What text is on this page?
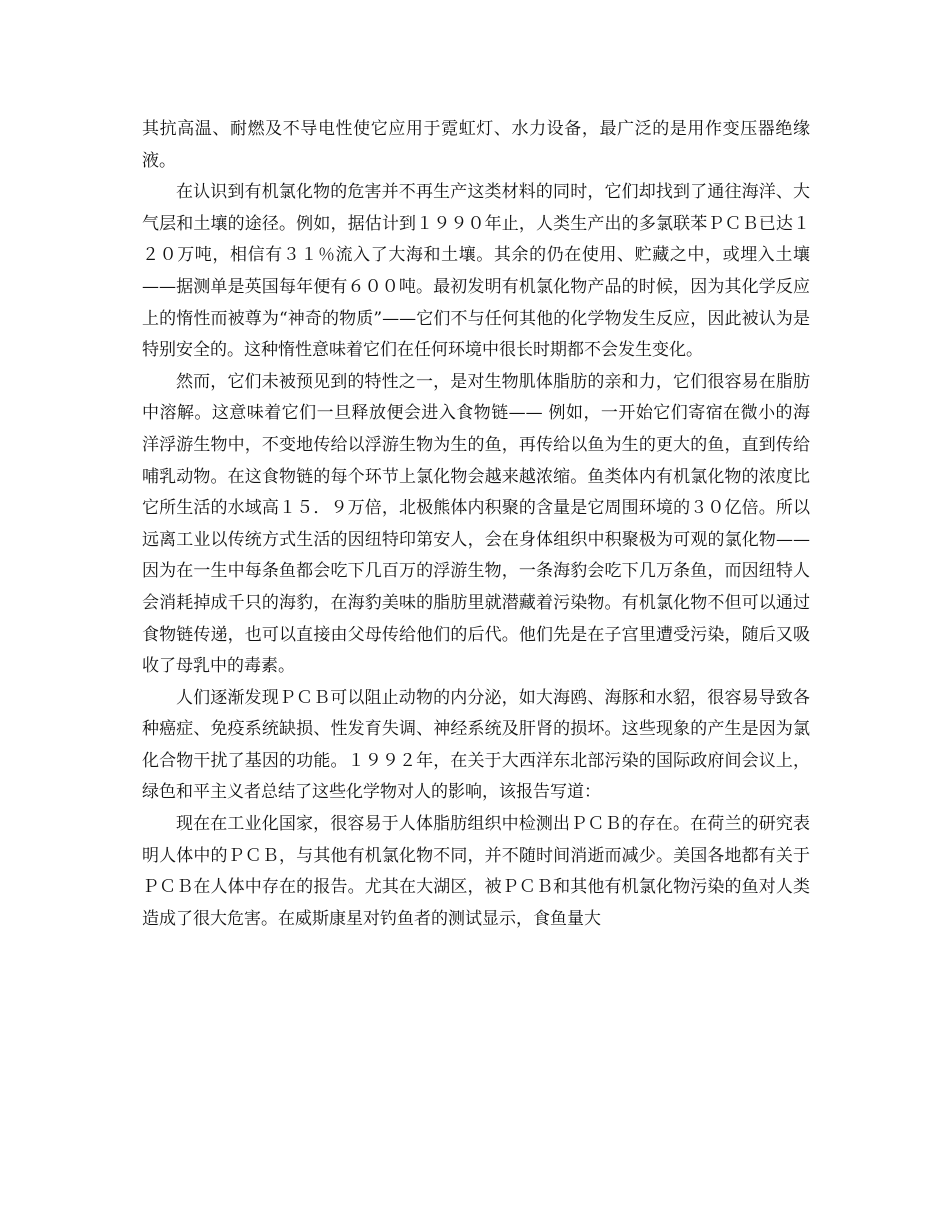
其抗高温、耐燃及不导电性使它应用于霓虹灯、水力设备，最广泛的是用作变压器绝缘液。

在认识到有机氯化物的危害并不再生产这类材料的同时，它们却找到了通往海洋、大气层和土壤的途径。例如，据估计到１９９０年止，人类生产出的多氯联苯ＰＣＢ已达１２０万吨，相信有３１％流入了大海和土壤。其余的仍在使用、贮藏之中，或埋入土壤——据测单是英国每年便有６００吨。最初发明有机氯化物产品的时候，因为其化学反应上的惰性而被尊为“神奇的物质”——它们不与任何其他的化学物发生反应，因此被认为是特别安全的。这种惰性意味着它们在任何环境中很长时期都不会发生变化。

然而，它们未被预见到的特性之一，是对生物肌体脂肪的亲和力，它们很容易在脂肪中溶解。这意味着它们一旦释放便会进入食物链—— 例如，一开始它们寄宿在微小的海洋浮游生物中，不变地传给以浮游生物为生的鱼，再传给以鱼为生的更大的鱼，直到传给哺乳动物。在这食物链的每个环节上氯化物会越来越浓缩。鱼类体内有机氯化物的浓度比它所生活的水域高１５．９万倍，北极熊体内积聚的含量是它周围环境的３０亿倍。所以远离工业以传统方式生活的因纽特印第安人，会在身体组织中积聚极为可观的氯化物——因为在一生中每条鱼都会吃下几百万的浮游生物，一条海豹会吃下几万条鱼，而因纽特人会消耗掉成千只的海豹，在海豹美味的脂肪里就潜藏着污染物。有机氯化物不但可以通过食物链传递，也可以直接由父母传给他们的后代。他们先是在子宫里遭受污染，随后又吸收了母乳中的毒素。

人们逐渐发现ＰＣＢ可以阻止动物的内分泌，如大海鸥、海豚和水貂，很容易导致各种癌症、免疫系统缺损、性发育失调、神经系统及肝肾的损坏。这些现象的产生是因为氯化合物干扰了基因的功能。１９９２年，在关于大西洋东北部污染的国际政府间会议上，绿色和平主义者总结了这些化学物对人的影响，该报告写道：

现在在工业化国家，很容易于人体脂肪组织中检测出ＰＣＢ的存在。在荷兰的研究表明人体中的ＰＣＢ，与其他有机氯化物不同，并不随时间消逝而减少。美国各地都有关于ＰＣＢ在人体中存在的报告。尤其在大湖区，被ＰＣＢ和其他有机氯化物污染的鱼对人类造成了很大危害。在威斯康星对钓鱼者的测试显示，食鱼量大
